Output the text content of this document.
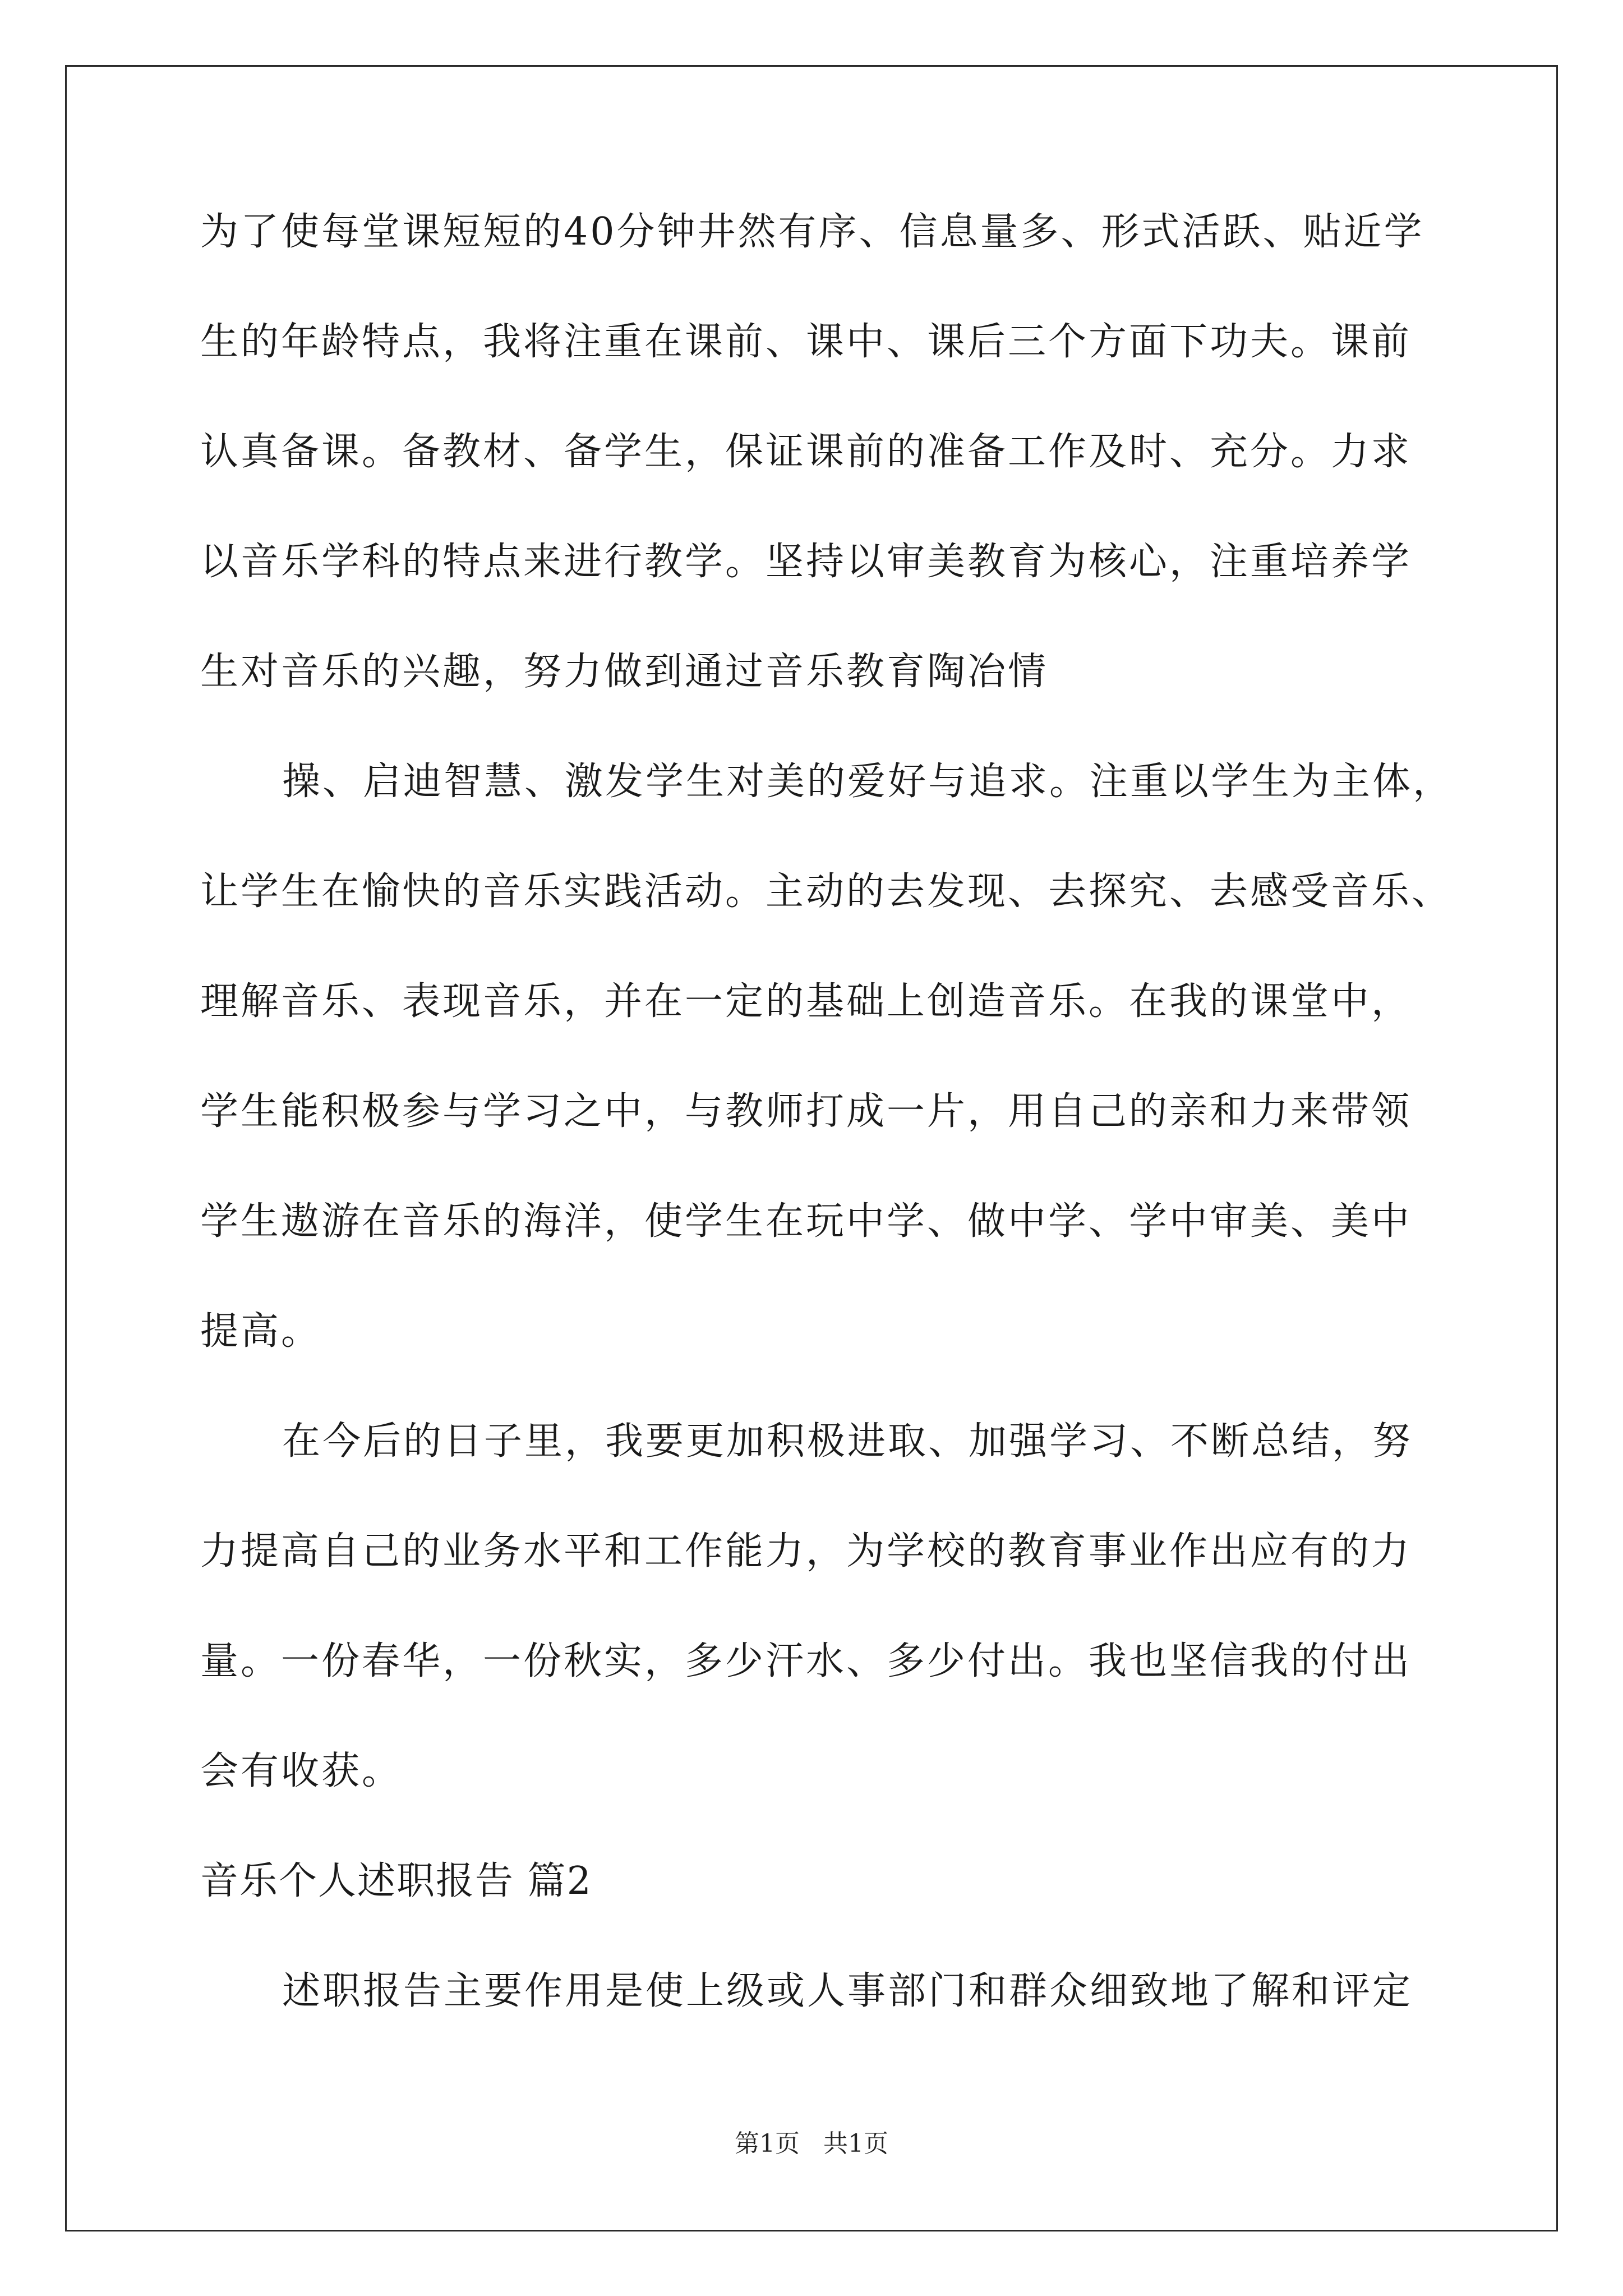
为了使每堂课短短的40分钟井然有序、信息量多、形式活跃、贴近学
生的年龄特点，我将注重在课前、课中、课后三个方面下功夫。课前
认真备课。备教材、备学生，保证课前的准备工作及时、充分。力求
以音乐学科的特点来进行教学。坚持以审美教育为核心，注重培养学
生对音乐的兴趣，努力做到通过音乐教育陶冶情
操、启迪智慧、激发学生对美的爱好与追求。注重以学生为主体，
让学生在愉快的音乐实践活动。主动的去发现、去探究、去感受音乐、
理解音乐、表现音乐，并在一定的基础上创造音乐。在我的课堂中，
学生能积极参与学习之中，与教师打成一片，用自己的亲和力来带领
学生遨游在音乐的海洋，使学生在玩中学、做中学、学中审美、美中
提高。
在今后的日子里，我要更加积极进取、加强学习、不断总结，努
力提高自己的业务水平和工作能力，为学校的教育事业作出应有的力
量。一份春华，一份秋实，多少汗水、多少付出。我也坚信我的付出
会有收获。
音乐个人述职报告 篇2
述职报告主要作用是使上级或人事部门和群众细致地了解和评定
第1页 共1页
